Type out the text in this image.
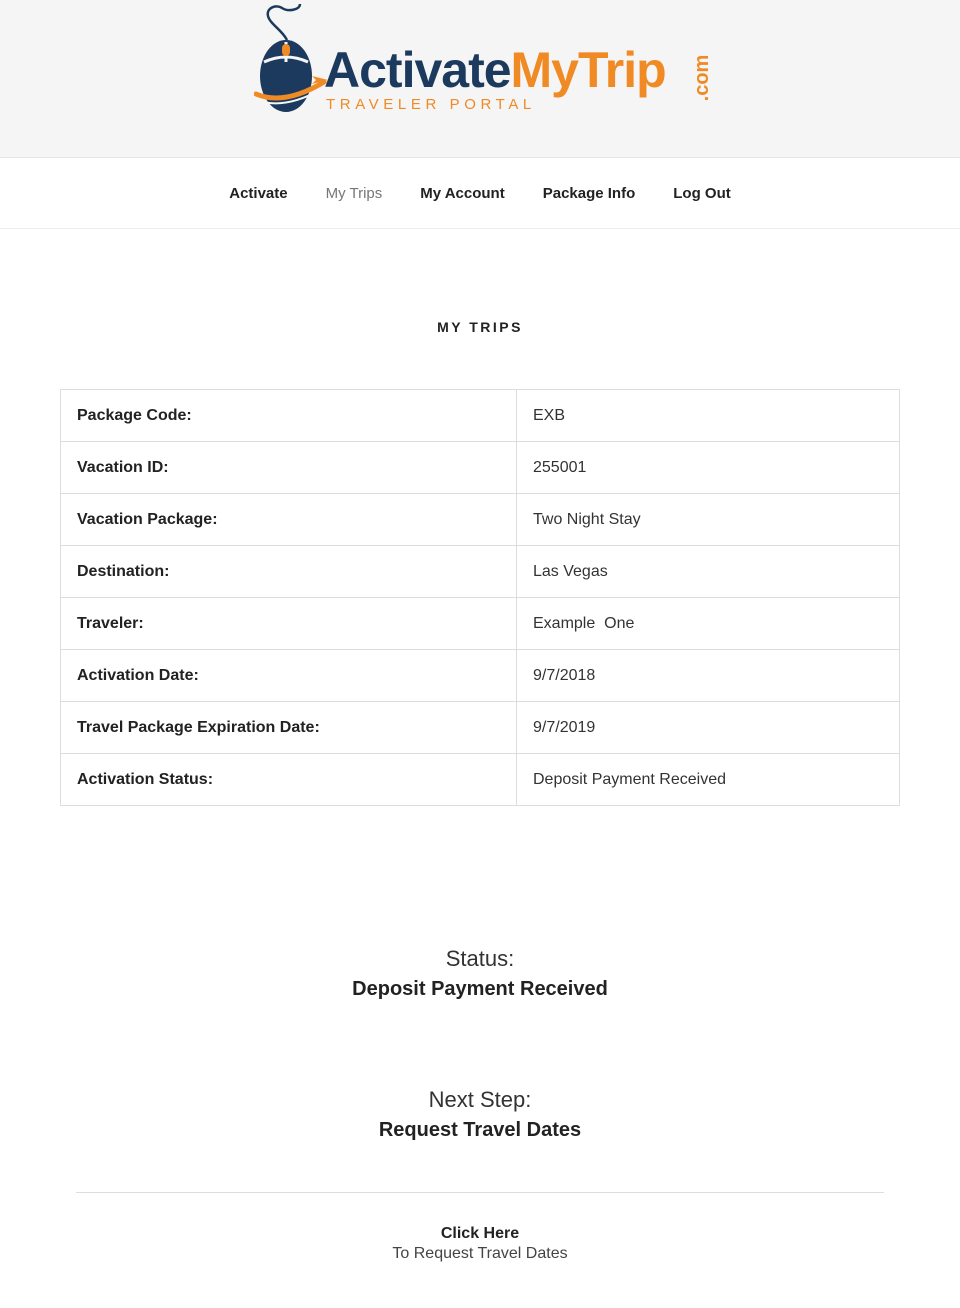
ActivateMyTrip .com
TRAVELER PORTAL
Activate	My Trips	My Account	Package Info	Log Out
MY TRIPS
Package Code:	EXB
Vacation ID:	255001
Vacation Package:	Two Night Stay
Destination:	Las Vegas
Traveler:	Example  One
Activation Date:	9/7/2018
Travel Package Expiration Date:	9/7/2019
Activation Status:	Deposit Payment Received
Status:
Deposit Payment Received
Next Step:
Request Travel Dates
Click Here
To Request Travel Dates
